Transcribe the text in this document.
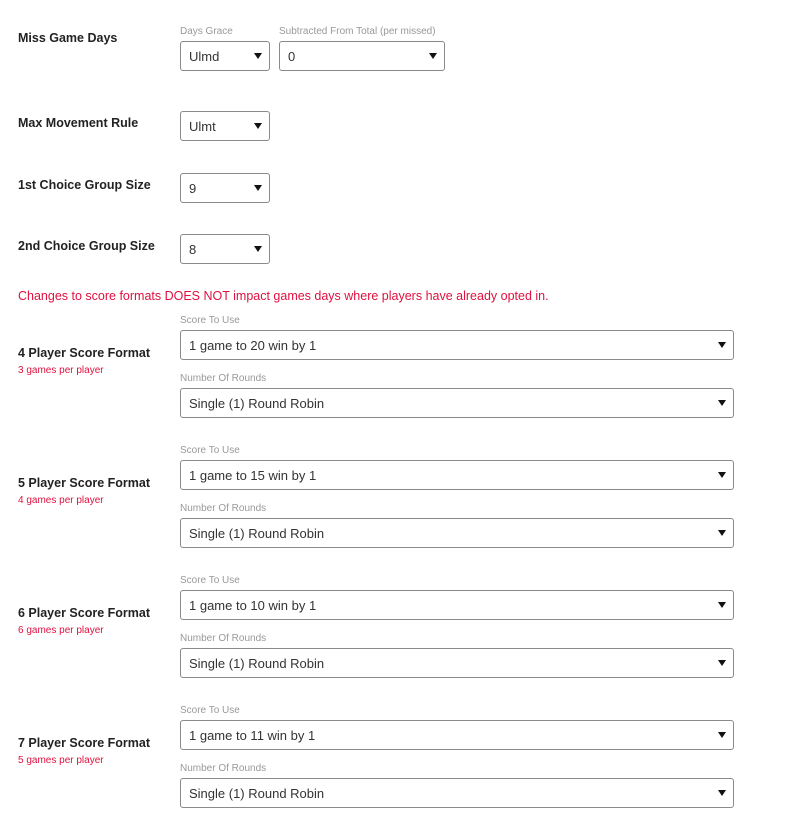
Miss Game Days	Days Grace
Ulmd
Subtracted From Total (per missed)
0
Max Movement Rule	Ulmt
1st Choice Group Size	9
2nd Choice Group Size	8
Changes to score formats DOES NOT impact games days where players have already opted in.
4 Player Score Format
3 games per player
Score To Use
1 game to 20 win by 1
Number Of Rounds
Single (1) Round Robin
5 Player Score Format
4 games per player
Score To Use
1 game to 15 win by 1
Number Of Rounds
Single (1) Round Robin
6 Player Score Format
6 games per player
Score To Use
1 game to 10 win by 1
Number Of Rounds
Single (1) Round Robin
7 Player Score Format
5 games per player
Score To Use
1 game to 11 win by 1
Number Of Rounds
Single (1) Round Robin
